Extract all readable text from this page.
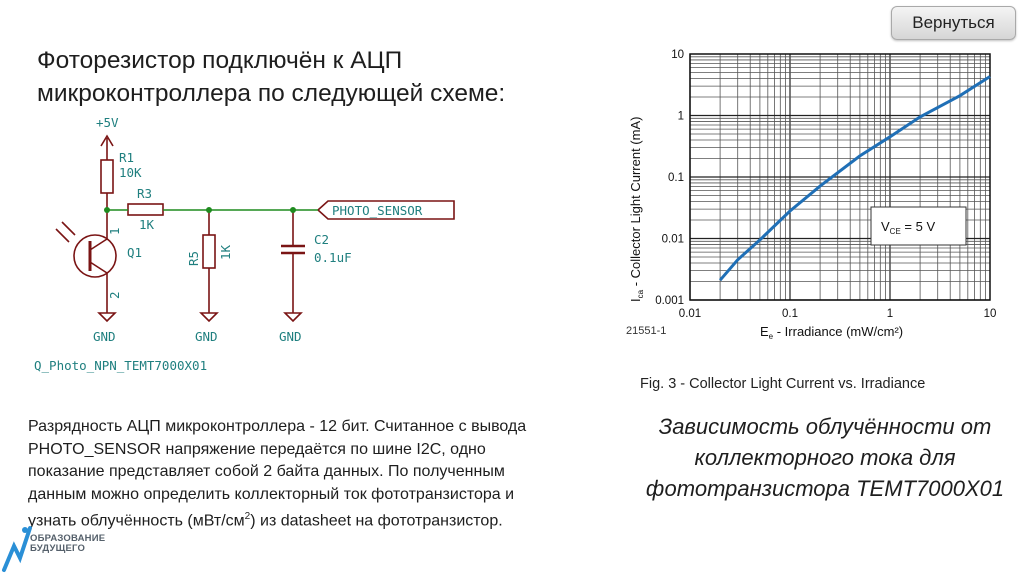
Фоторезистор подключён к АЦП микроконтроллера по следующей схеме:
Вернуться
+5V
R1
10K
R3
1K
C2
0.1uF
Q1
PHOTO_SENSOR
GND	GND	GND
Q_Photo_NPN_TEMT7000X01
R5 1K
1
2	0.001
0.01
0.1
1
10
0.01	0.1	1	10
$V_{CE} = 5$ V
21551-1	$E_e$ - Irradiance (mW/cm²)
$I_{ca}$ - Collector Light Current (mA)
Fig. 3 - Collector Light Current vs. Irradiance
Разрядность АЦП микроконтроллера - 12 бит. Считанное с вывода
PHOTO_SENSOR напряжение передаётся по шине I2C, одно
показание представляет собой 2 байта данных. По полученным
данным можно определить коллекторный ток фототранзистора и
узнать облучённость $(мВт/см^2)$ из datasheet на фототранзистор.
Зависимость облучённости от коллекторного тока для фототранзистора TEMT7000X01
ОБРАЗОВАНИЕ
БУДУЩЕГО
